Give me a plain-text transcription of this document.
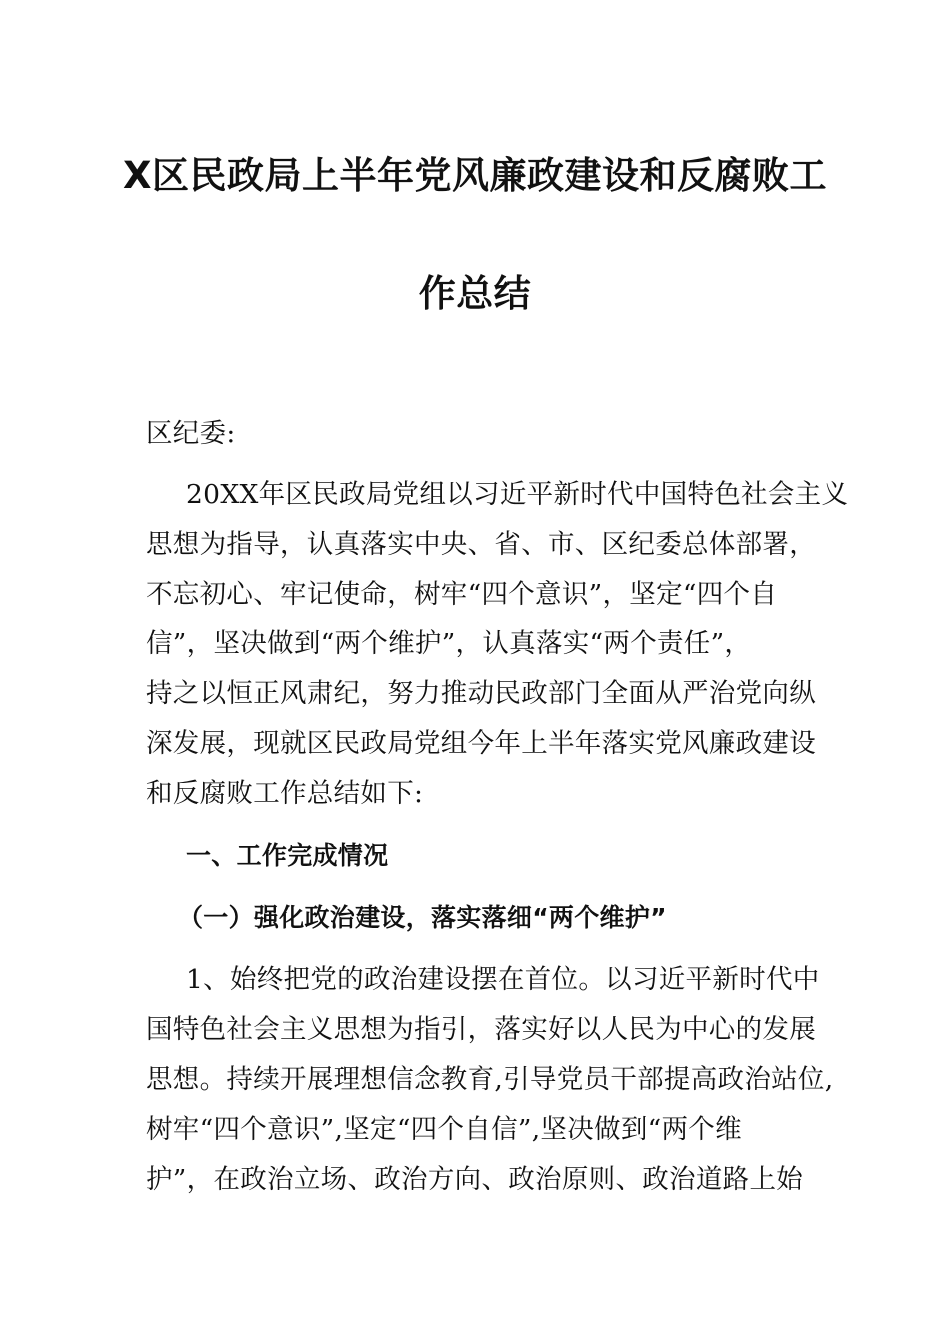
X区民政局上半年党风廉政建设和反腐败工
作总结
区纪委:
20XX年区民政局党组以习近平新时代中国特色社会主义
思想为指导，认真落实中央、省、市、区纪委总体部署，
不忘初心、牢记使命，树牢“四个意识”，坚定“四个自
信”，坚决做到“两个维护”，认真落实“两个责任”，
持之以恒正风肃纪，努力推动民政部门全面从严治党向纵
深发展，现就区民政局党组今年上半年落实党风廉政建设
和反腐败工作总结如下:
一、工作完成情况
（一）强化政治建设，落实落细“两个维护”
1、始终把党的政治建设摆在首位。以习近平新时代中
国特色社会主义思想为指引，落实好以人民为中心的发展
思想。持续开展理想信念教育,引导党员干部提高政治站位,
树牢“四个意识”,坚定“四个自信”,坚决做到“两个维
护”，在政治立场、政治方向、政治原则、政治道路上始
